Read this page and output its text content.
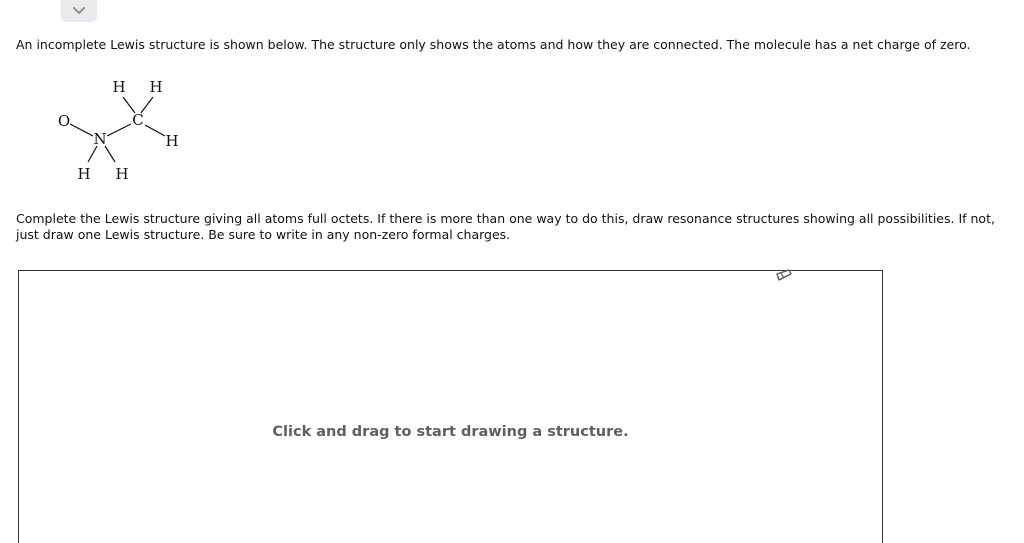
An incomplete Lewis structure is shown below. The structure only shows the atoms and how they are connected. The molecule has a net charge of zero.

O
N
C
H H
H
H H

Complete the Lewis structure giving all atoms full octets. If there is more than one way to do this, draw resonance structures showing all possibilities. If not, just draw one Lewis structure. Be sure to write in any non-zero formal charges.

Click and drag to start drawing a structure.
